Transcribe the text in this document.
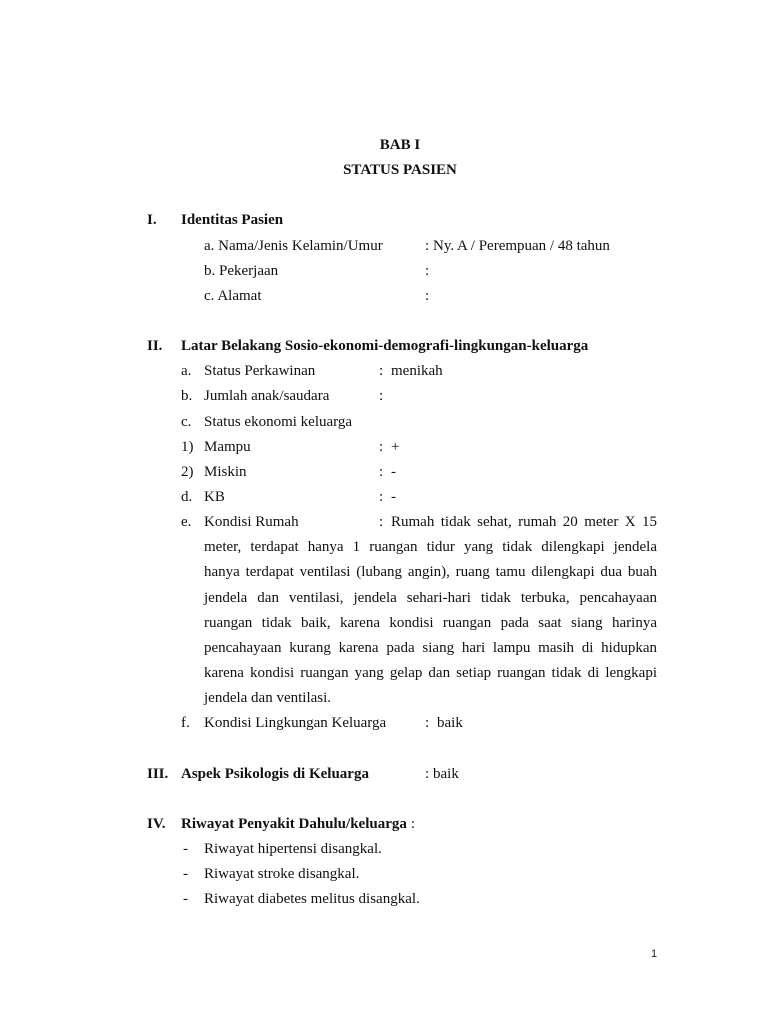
BAB I
STATUS PASIEN
I. Identitas Pasien
a. Nama/Jenis Kelamin/Umur	: Ny. A / Perempuan / 48 tahun
b. Pekerjaan	:
c. Alamat	:
II. Latar Belakang Sosio-ekonomi-demografi-lingkungan-keluarga
a. Status Perkawinan	: menikah
b. Jumlah anak/saudara	:
c. Status ekonomi keluarga
1) Mampu	: +
2) Miskin	: -
d. KB	: -
e. Kondisi Rumah	: Rumah tidak sehat, rumah 20 meter X 15
meter, terdapat hanya 1 ruangan tidur yang tidak dilengkapi jendela
hanya terdapat ventilasi (lubang angin), ruang tamu dilengkapi dua buah
jendela dan ventilasi, jendela sehari-hari tidak terbuka, pencahayaan
ruangan tidak baik, karena kondisi ruangan pada saat siang harinya
pencahayaan kurang karena pada siang hari lampu masih di hidupkan
karena kondisi ruangan yang gelap dan setiap ruangan tidak di lengkapi
jendela dan ventilasi.
f. Kondisi Lingkungan Keluarga	: baik
III. Aspek Psikologis di Keluarga	: baik
IV. Riwayat Penyakit Dahulu/keluarga :
- Riwayat hipertensi disangkal.
- Riwayat stroke disangkal.
- Riwayat diabetes melitus disangkal.
1
